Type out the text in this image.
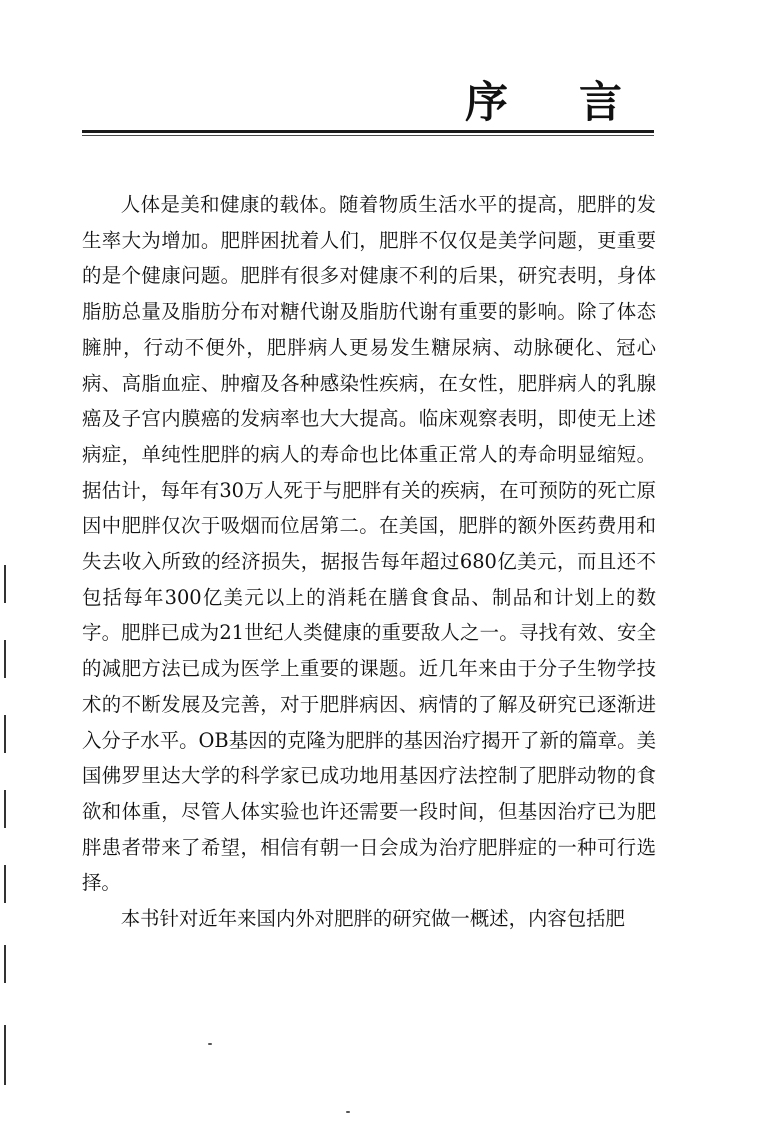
序 言

人体是美和健康的载体。随着物质生活水平的提高，肥胖的发生率大为增加。肥胖困扰着人们，肥胖不仅仅是美学问题，更重要的是个健康问题。肥胖有很多对健康不利的后果，研究表明，身体脂肪总量及脂肪分布对糖代谢及脂肪代谢有重要的影响。除了体态臃肿，行动不便外，肥胖病人更易发生糖尿病、动脉硬化、冠心病、高脂血症、肿瘤及各种感染性疾病，在女性，肥胖病人的乳腺癌及子宫内膜癌的发病率也大大提高。临床观察表明，即使无上述病症，单纯性肥胖的病人的寿命也比体重正常人的寿命明显缩短。据估计，每年有30万人死于与肥胖有关的疾病，在可预防的死亡原因中肥胖仅次于吸烟而位居第二。在美国，肥胖的额外医药费用和失去收入所致的经济损失，据报告每年超过680亿美元，而且还不包括每年300亿美元以上的消耗在膳食食品、制品和计划上的数字。肥胖已成为21世纪人类健康的重要敌人之一。寻找有效、安全的减肥方法已成为医学上重要的课题。近几年来由于分子生物学技术的不断发展及完善，对于肥胖病因、病情的了解及研究已逐渐进入分子水平。OB基因的克隆为肥胖的基因治疗揭开了新的篇章。美国佛罗里达大学的科学家已成功地用基因疗法控制了肥胖动物的食欲和体重，尽管人体实验也许还需要一段时间，但基因治疗已为肥胖患者带来了希望，相信有朝一日会成为治疗肥胖症的一种可行选择。

本书针对近年来国内外对肥胖的研究做一概述，内容包括肥
